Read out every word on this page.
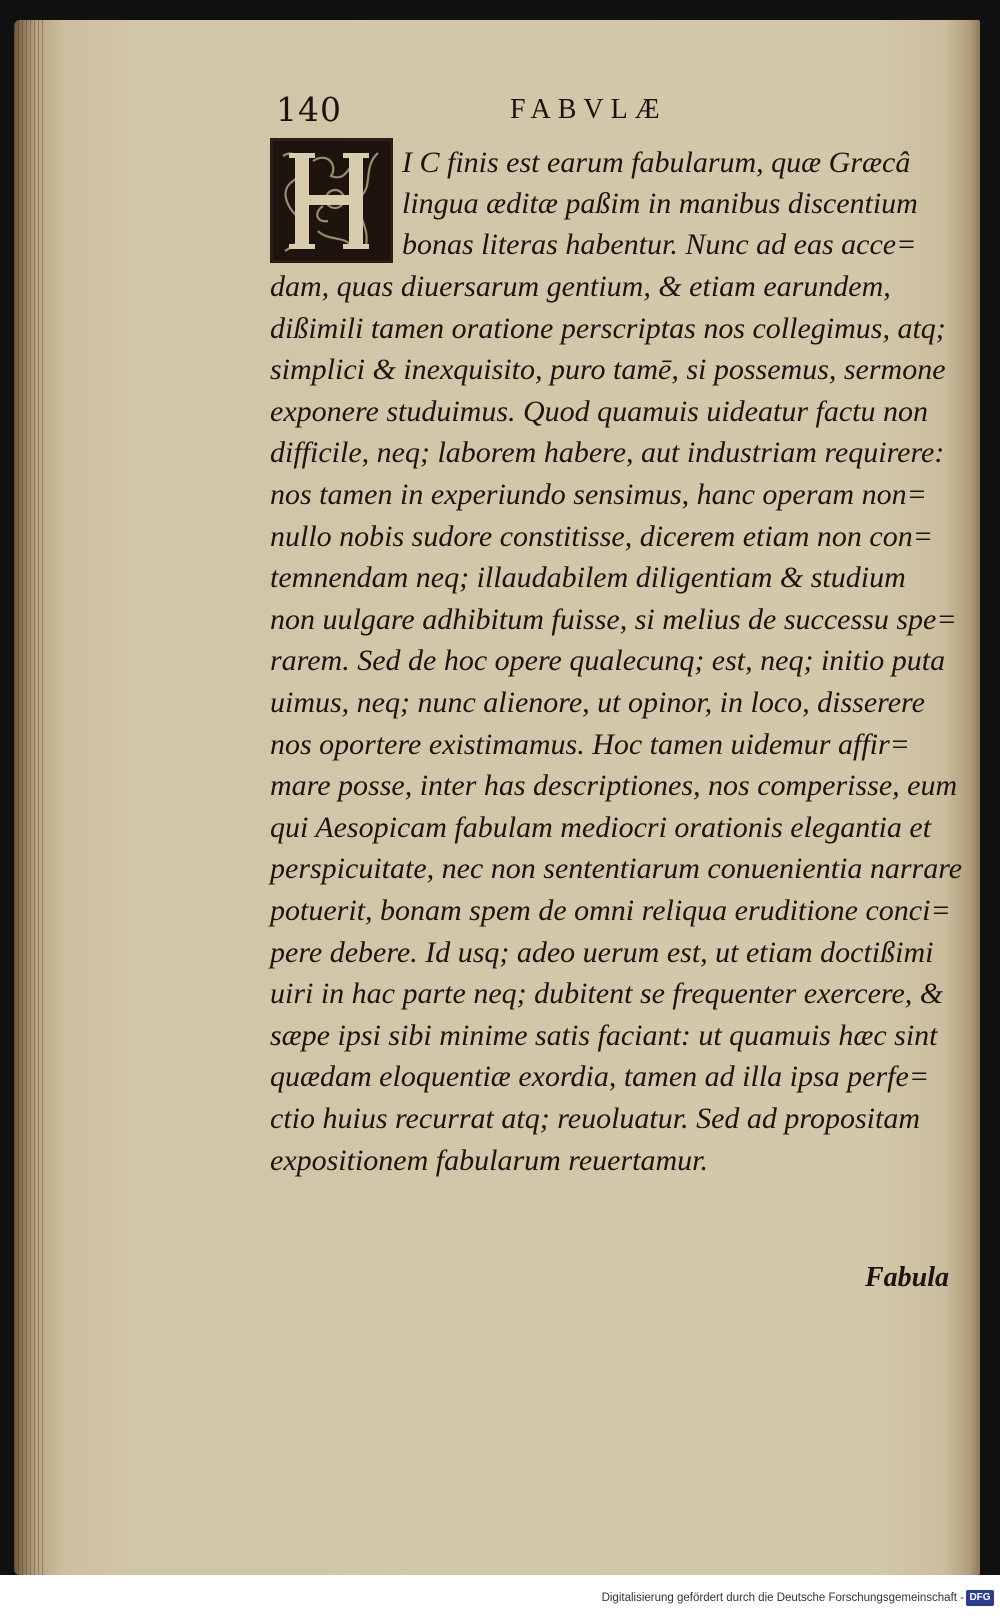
140	FABVLÆ
I C finis est earum fabularum, quæ Græcâ
lingua æditæ paßim in manibus discentium
bonas literas habentur. Nunc ad eas acce=
dam, quas diuersarum gentium, & etiam earundem,
dißimili tamen oratione perscriptas nos collegimus, atq;
simplici & inexquisito, puro tamē, si possemus, sermone
exponere studuimus. Quod quamuis uideatur factu non
difficile, neq; laborem habere, aut industriam requirere:
nos tamen in experiundo sensimus, hanc operam non=
nullo nobis sudore constitisse, dicerem etiam non con=
temnendam neq; illaudabilem diligentiam & studium
non uulgare adhibitum fuisse, si melius de successu spe=
rarem. Sed de hoc opere qualecunq; est, neq; initio puta
uimus, neq; nunc alienore, ut opinor, in loco, disserere
nos oportere existimamus. Hoc tamen uidemur affir=
mare posse, inter has descriptiones, nos comperisse, eum
qui Aesopicam fabulam mediocri orationis elegantia et
perspicuitate, nec non sententiarum conuenientia narrare
potuerit, bonam spem de omni reliqua eruditione conci=
pere debere. Id usq; adeo uerum est, ut etiam doctißimi
uiri in hac parte neq; dubitent se frequenter exercere, &
sæpe ipsi sibi minime satis faciant: ut quamuis hæc sint
quædam eloquentiæ exordia, tamen ad illa ipsa perfe=
ctio huius recurrat atq; reuoluatur. Sed ad propositam
expositionem fabularum reuertamur.
Fabula
Digitalisierung gefördert durch die Deutsche Forschungsgemeinschaft - DFG
